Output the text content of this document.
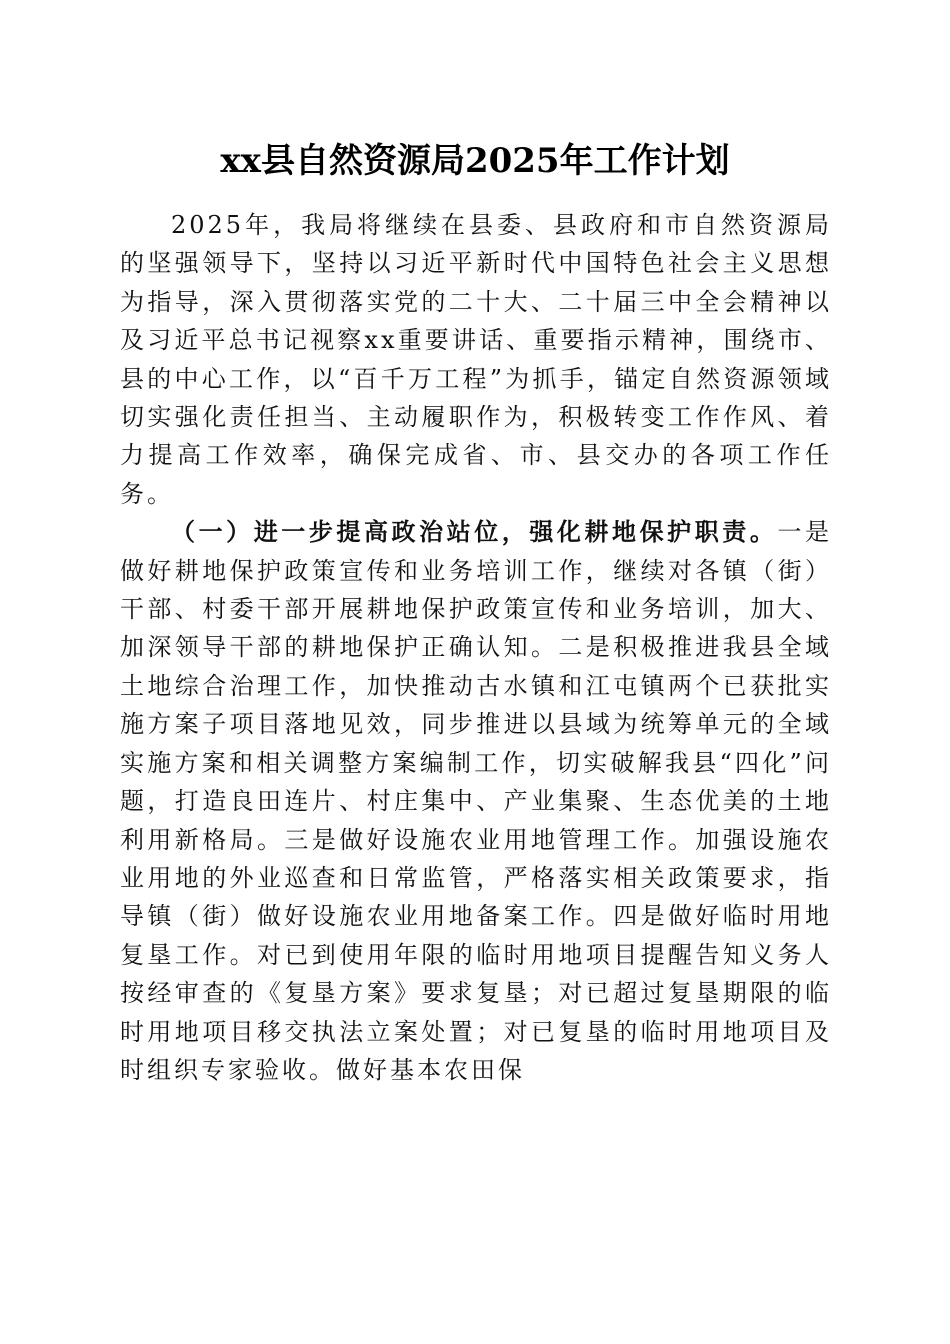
xx县自然资源局2025年工作计划

2025年，我局将继续在县委、县政府和市自然资源局的坚强领导下，坚持以习近平新时代中国特色社会主义思想为指导，深入贯彻落实党的二十大、二十届三中全会精神以及习近平总书记视察xx重要讲话、重要指示精神，围绕市、县的中心工作，以“百千万工程”为抓手，锚定自然资源领域切实强化责任担当、主动履职作为，积极转变工作作风、着力提高工作效率，确保完成省、市、县交办的各项工作任务。

（一）进一步提高政治站位，强化耕地保护职责。一是做好耕地保护政策宣传和业务培训工作，继续对各镇（街）干部、村委干部开展耕地保护政策宣传和业务培训，加大、加深领导干部的耕地保护正确认知。二是积极推进我县全域土地综合治理工作，加快推动古水镇和江屯镇两个已获批实施方案子项目落地见效，同步推进以县域为统筹单元的全域实施方案和相关调整方案编制工作，切实破解我县“四化”问题，打造良田连片、村庄集中、产业集聚、生态优美的土地利用新格局。三是做好设施农业用地管理工作。加强设施农业用地的外业巡查和日常监管，严格落实相关政策要求，指导镇（街）做好设施农业用地备案工作。四是做好临时用地复垦工作。对已到使用年限的临时用地项目提醒告知义务人按经审查的《复垦方案》要求复垦；对已超过复垦期限的临时用地项目移交执法立案处置；对已复垦的临时用地项目及时组织专家验收。做好基本农田保
